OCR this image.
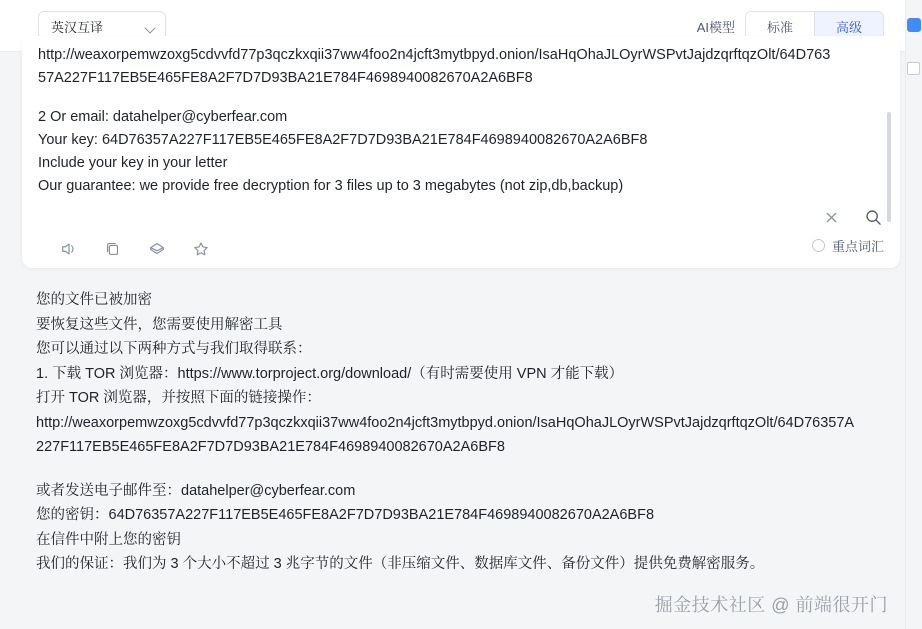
英汉互译	AI模型	标准	高级
http://weaxorpemwzoxg5cdvvfd77p3qczkxqii37ww4foo2n4jcft3mytbpyd.onion/IsaHqOhaJLOyrWSPvtJajdzqrftqzOlt/64D763
57A227F117EB5E465FE8A2F7D7D93BA21E784F4698940082670A2A6BF8
2 Or email: datahelper@cyberfear.com
Your key: 64D76357A227F117EB5E465FE8A2F7D7D93BA21E784F4698940082670A2A6BF8
Include your key in your letter
Our guarantee: we provide free decryption for 3 files up to 3 megabytes (not zip,db,backup)
重点词汇
您的文件已被加密
要恢复这些文件，您需要使用解密工具
您可以通过以下两种方式与我们取得联系：
1. 下载 TOR 浏览器：https://www.torproject.org/download/（有时需要使用 VPN 才能下载）
打开 TOR 浏览器，并按照下面的链接操作：
http://weaxorpemwzoxg5cdvvfd77p3qczkxqii37ww4foo2n4jcft3mytbpyd.onion/IsaHqOhaJLOyrWSPvtJajdzqrftqzOlt/64D76357A
227F117EB5E465FE8A2F7D7D93BA21E784F4698940082670A2A6BF8
或者发送电子邮件至：datahelper@cyberfear.com
您的密钥：64D76357A227F117EB5E465FE8A2F7D7D93BA21E784F4698940082670A2A6BF8
在信件中附上您的密钥
我们的保证：我们为 3 个大小不超过 3 兆字节的文件（非压缩文件、数据库文件、备份文件）提供免费解密服务。
掘金技术社区 @ 前端很开门
